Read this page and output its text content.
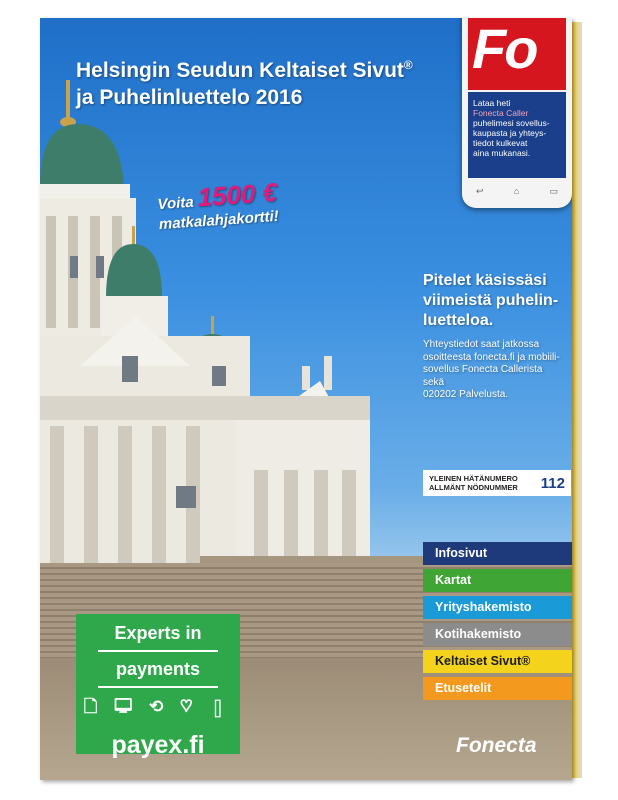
Helsingin Seudun Keltaiset Sivut®
ja Puhelinluettelo 2016
Voita 1500 €
matkalahjakortti!
Fo
Lataa heti
Fonecta Caller
puhelimesi sovellus-
kaupasta ja yhteys-
tiedot kulkevat
aina mukanasi.
↩	⌂	▭
Pitelet käsissäsi
viimeistä puhelin-
luetteloa.

Yhteystiedot saat jatkossa
osoitteesta fonecta.fi ja mobiili-
sovellus Fonecta Callerista sekä
020202 Palvelusta.

YLEINEN HÄTÄNUMERO
ALLMÄNT NÖDNUMMER 112
Infosivut
Kartat
Yrityshakemisto
Kotihakemisto
Keltaiset Sivut®
Etusetelit
Experts in
payments
🗋 🖵 ⟲ ♡ ▯
payex.fi	Fonecta
